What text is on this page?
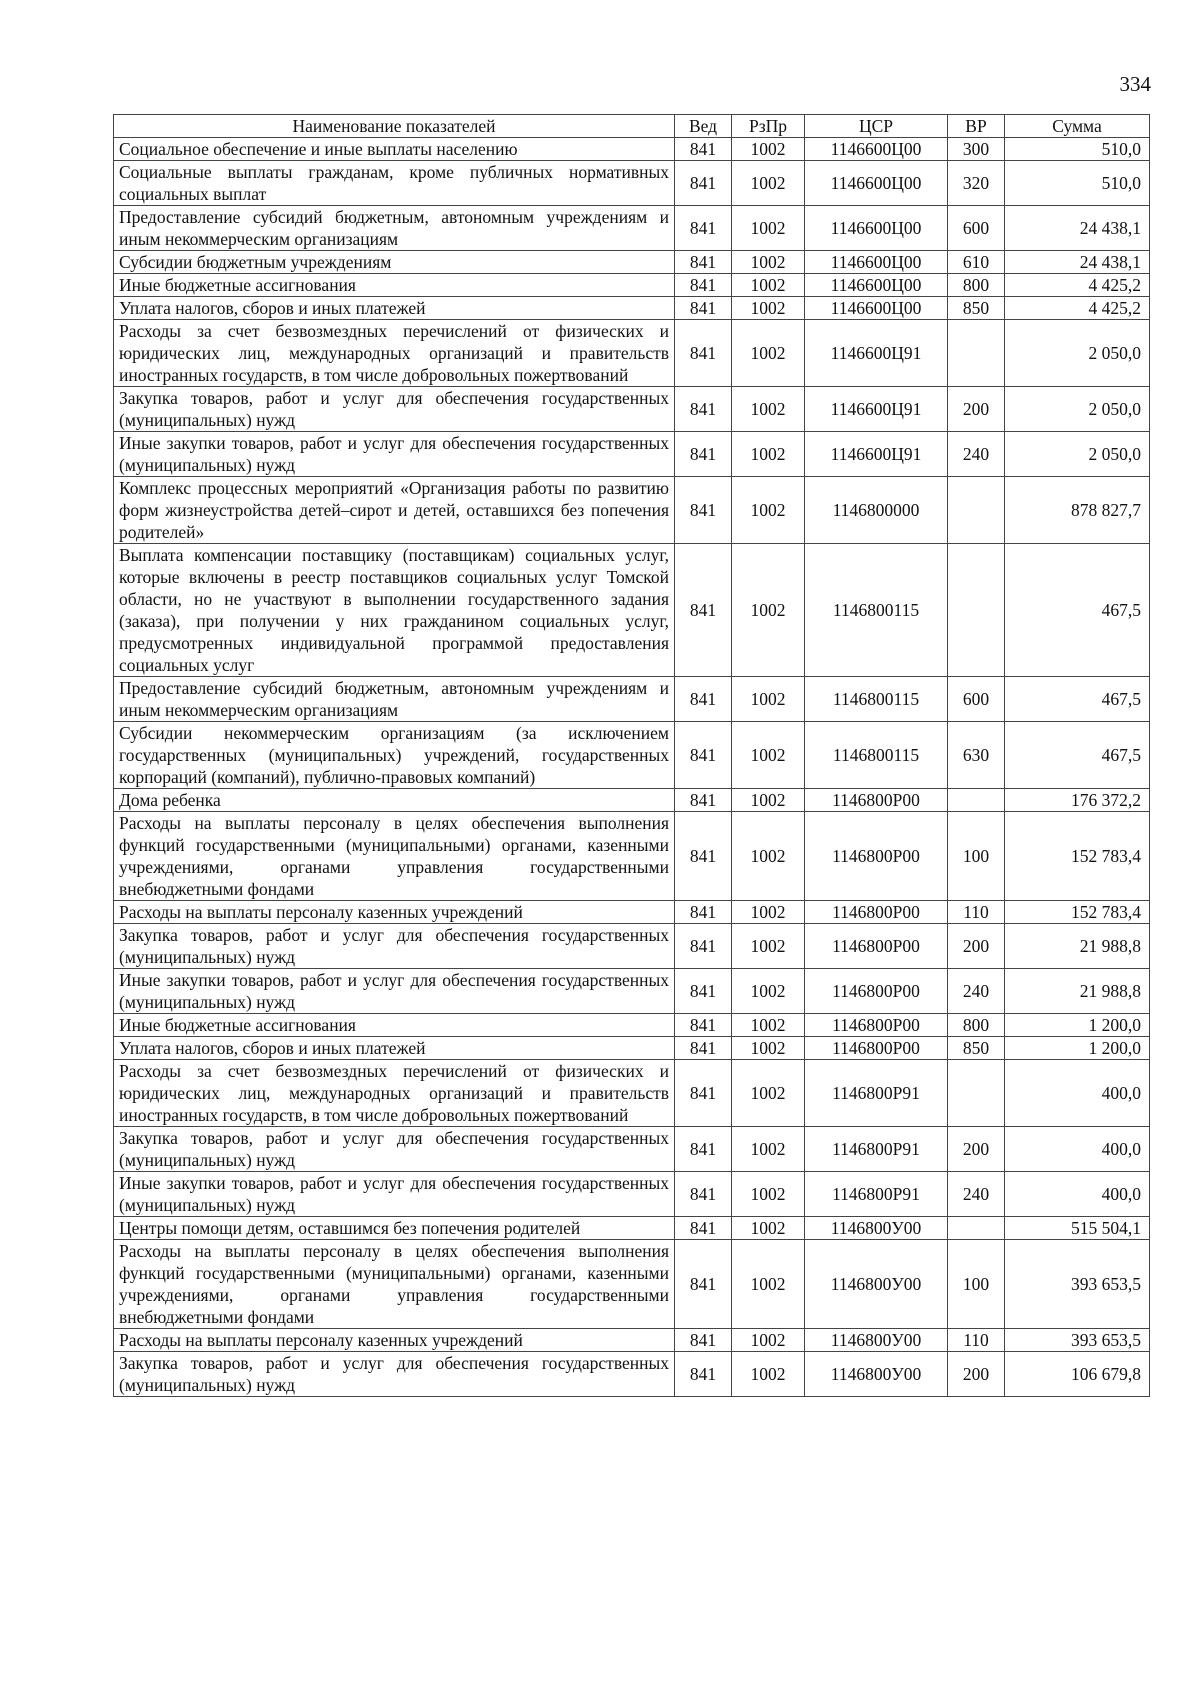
334
Наименование показателей	Вед	РзПр	ЦСР	ВР	Сумма
Социальное обеспечение и иные выплаты населению	841	1002	1146600Ц00	300	510,0
Социальные выплаты гражданам, кроме публичных нормативных социальных выплат	841	1002	1146600Ц00	320	510,0
Предоставление субсидий бюджетным, автономным учреждениям и иным некоммерческим организациям	841	1002	1146600Ц00	600	24 438,1
Субсидии бюджетным учреждениям	841	1002	1146600Ц00	610	24 438,1
Иные бюджетные ассигнования	841	1002	1146600Ц00	800	4 425,2
Уплата налогов, сборов и иных платежей	841	1002	1146600Ц00	850	4 425,2
Расходы за счет безвозмездных перечислений от физических и юридических лиц, международных организаций и правительств иностранных государств, в том числе добровольных пожертвований	841	1002	1146600Ц91		2 050,0
Закупка товаров, работ и услуг для обеспечения государственных (муниципальных) нужд	841	1002	1146600Ц91	200	2 050,0
Иные закупки товаров, работ и услуг для обеспечения государственных (муниципальных) нужд	841	1002	1146600Ц91	240	2 050,0
Комплекс процессных мероприятий «Организация работы по развитию форм жизнеустройства детей–сирот и детей, оставшихся без попечения родителей»	841	1002	1146800000		878 827,7
Выплата компенсации поставщику (поставщикам) социальных услуг, которые включены в реестр поставщиков социальных услуг Томской области, но не участвуют в выполнении государственного задания (заказа), при получении у них гражданином социальных услуг, предусмотренных индивидуальной программой предоставления социальных услуг	841	1002	1146800115		467,5
Предоставление субсидий бюджетным, автономным учреждениям и иным некоммерческим организациям	841	1002	1146800115	600	467,5
Субсидии некоммерческим организациям (за исключением государственных (муниципальных) учреждений, государственных корпораций (компаний), публично-правовых компаний)	841	1002	1146800115	630	467,5
Дома ребенка	841	1002	1146800Р00		176 372,2
Расходы на выплаты персоналу в целях обеспечения выполнения функций государственными (муниципальными) органами, казенными учреждениями, органами управления государственными внебюджетными фондами	841	1002	1146800Р00	100	152 783,4
Расходы на выплаты персоналу казенных учреждений	841	1002	1146800Р00	110	152 783,4
Закупка товаров, работ и услуг для обеспечения государственных (муниципальных) нужд	841	1002	1146800Р00	200	21 988,8
Иные закупки товаров, работ и услуг для обеспечения государственных (муниципальных) нужд	841	1002	1146800Р00	240	21 988,8
Иные бюджетные ассигнования	841	1002	1146800Р00	800	1 200,0
Уплата налогов, сборов и иных платежей	841	1002	1146800Р00	850	1 200,0
Расходы за счет безвозмездных перечислений от физических и юридических лиц, международных организаций и правительств иностранных государств, в том числе добровольных пожертвований	841	1002	1146800Р91		400,0
Закупка товаров, работ и услуг для обеспечения государственных (муниципальных) нужд	841	1002	1146800Р91	200	400,0
Иные закупки товаров, работ и услуг для обеспечения государственных (муниципальных) нужд	841	1002	1146800Р91	240	400,0
Центры помощи детям, оставшимся без попечения родителей	841	1002	1146800У00		515 504,1
Расходы на выплаты персоналу в целях обеспечения выполнения функций государственными (муниципальными) органами, казенными учреждениями, органами управления государственными внебюджетными фондами	841	1002	1146800У00	100	393 653,5
Расходы на выплаты персоналу казенных учреждений	841	1002	1146800У00	110	393 653,5
Закупка товаров, работ и услуг для обеспечения государственных (муниципальных) нужд	841	1002	1146800У00	200	106 679,8
